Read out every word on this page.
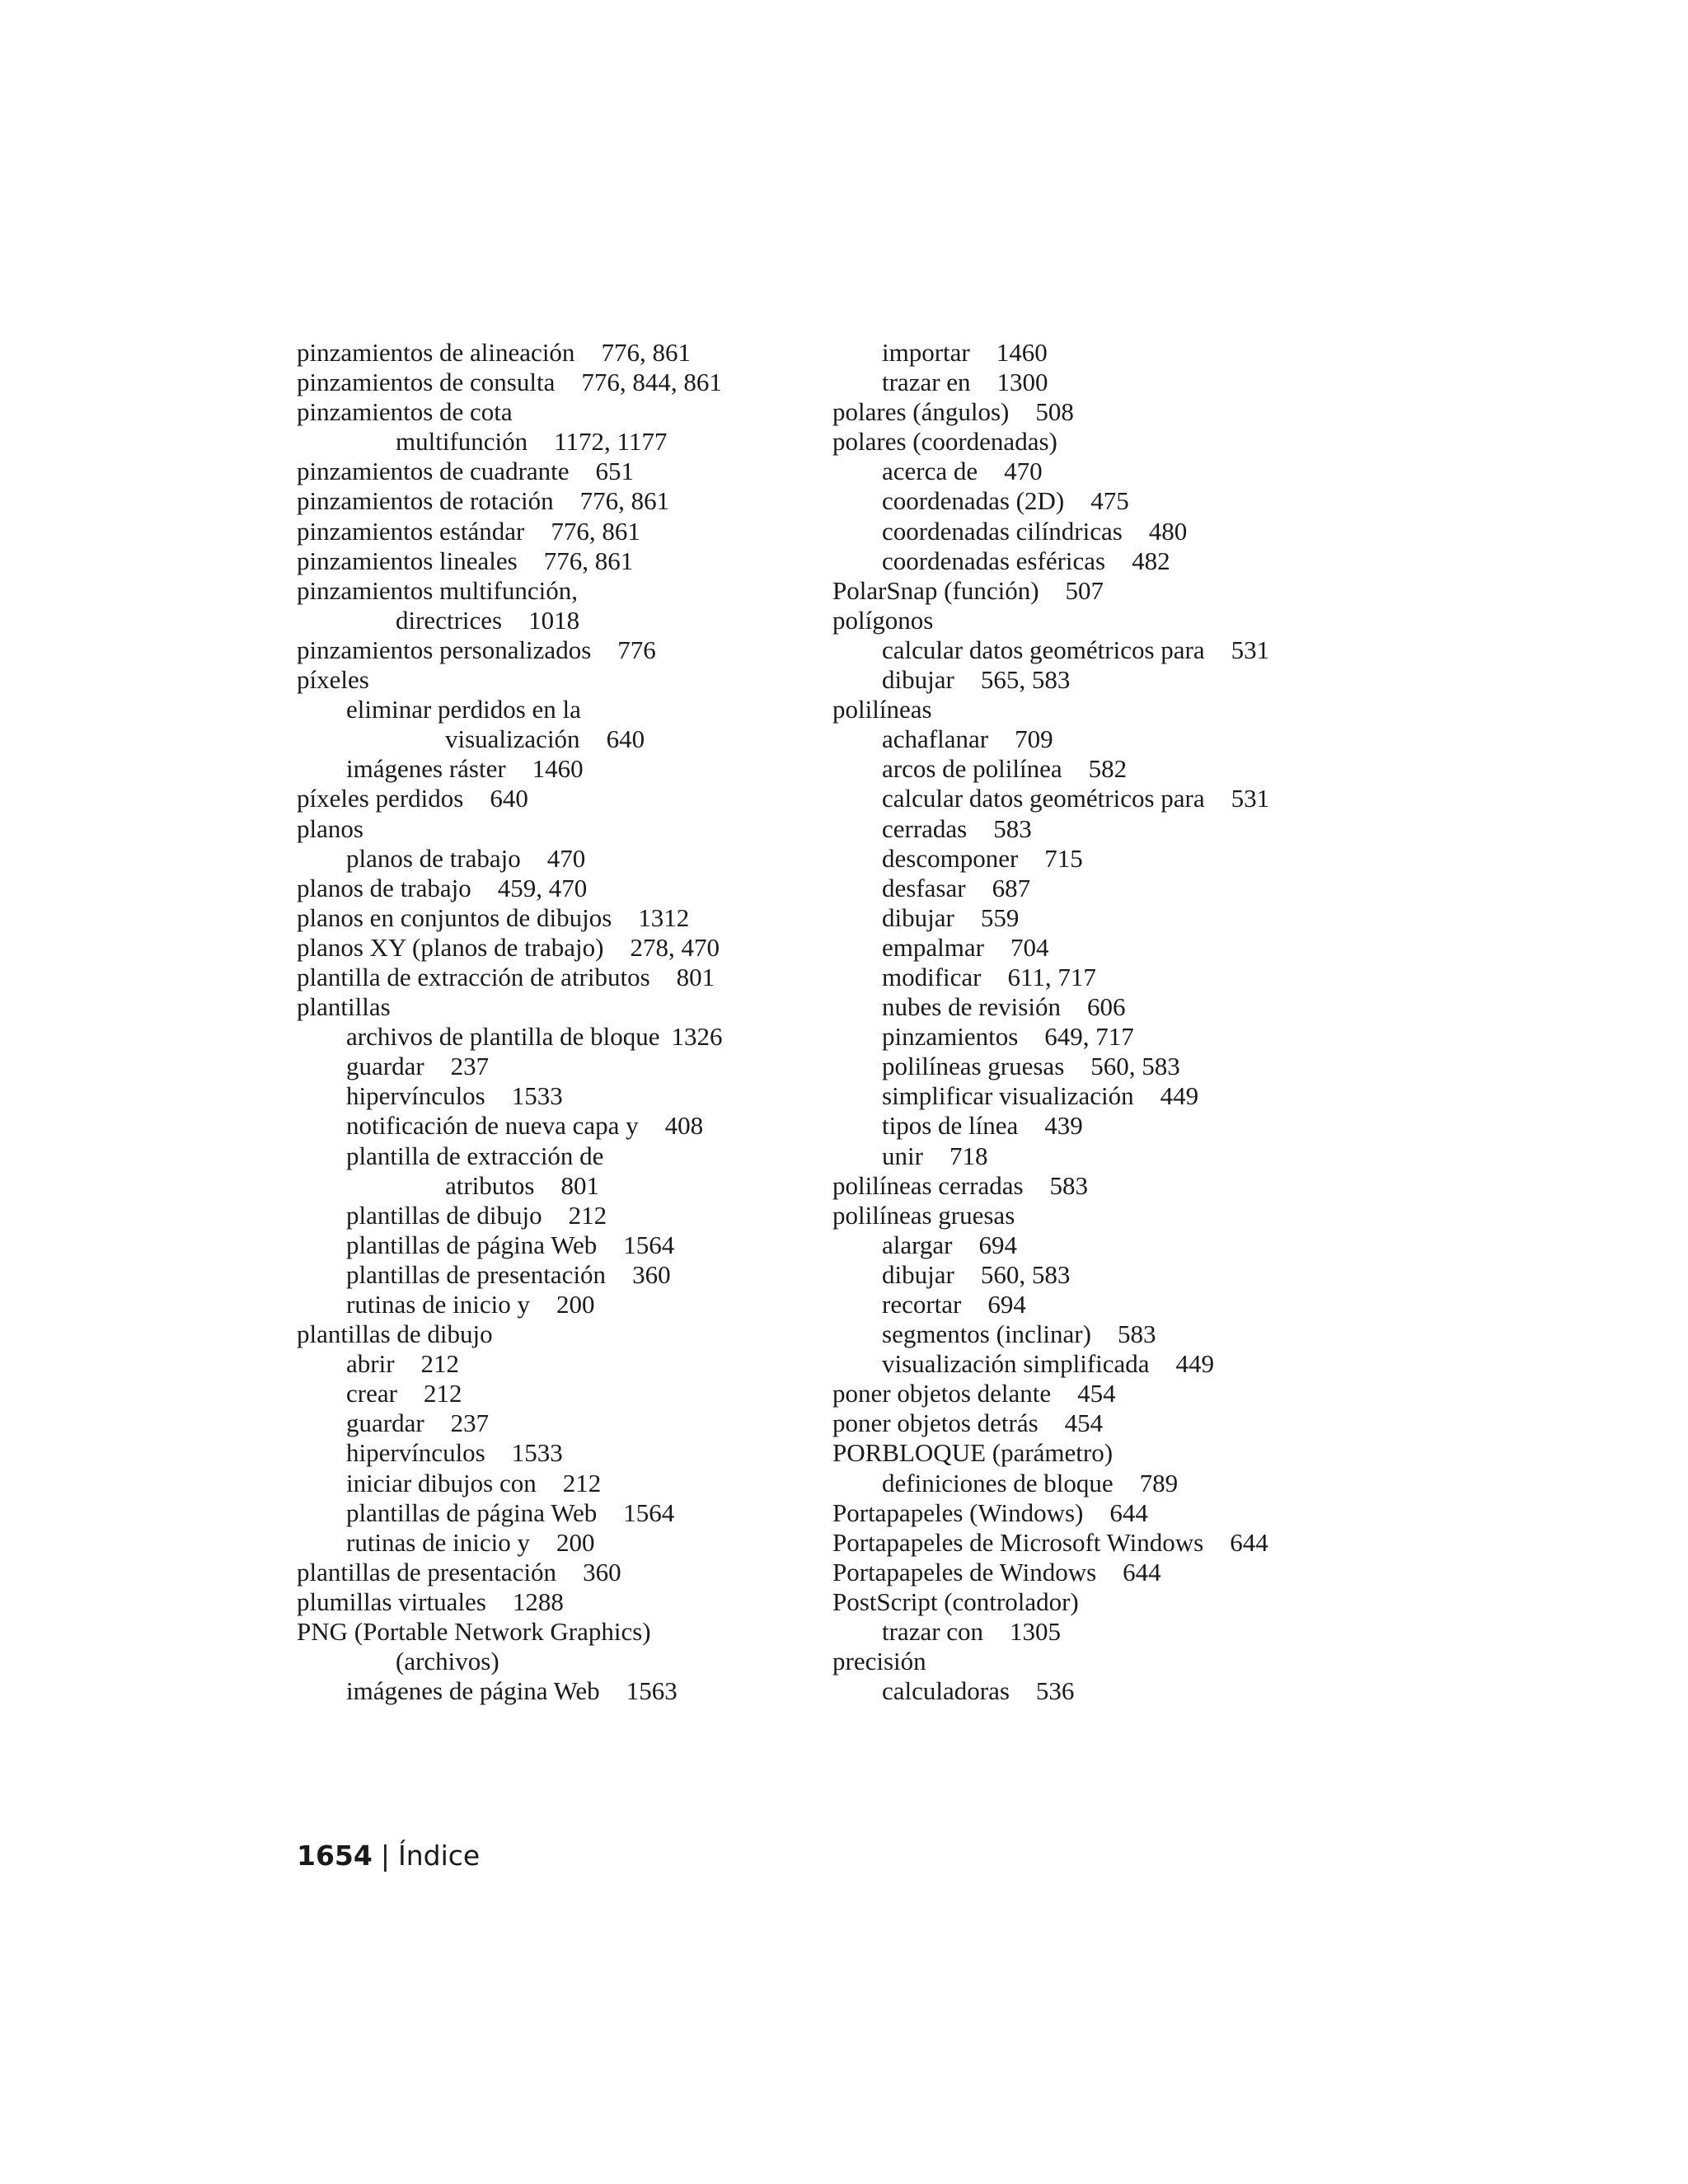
pinzamientos de alineación 776, 861
pinzamientos de consulta 776, 844, 861
pinzamientos de cota
multifunción 1172, 1177
pinzamientos de cuadrante 651
pinzamientos de rotación 776, 861
pinzamientos estándar 776, 861
pinzamientos lineales 776, 861
pinzamientos multifunción,
directrices 1018
pinzamientos personalizados 776
píxeles
eliminar perdidos en la
visualización 640
imágenes ráster 1460
píxeles perdidos 640
planos
planos de trabajo 470
planos de trabajo 459, 470
planos en conjuntos de dibujos 1312
planos XY (planos de trabajo) 278, 470
plantilla de extracción de atributos 801
plantillas
archivos de plantilla de bloque 1326
guardar 237
hipervínculos 1533
notificación de nueva capa y 408
plantilla de extracción de
atributos 801
plantillas de dibujo 212
plantillas de página Web 1564
plantillas de presentación 360
rutinas de inicio y 200
plantillas de dibujo
abrir 212
crear 212
guardar 237
hipervínculos 1533
iniciar dibujos con 212
plantillas de página Web 1564
rutinas de inicio y 200
plantillas de presentación 360
plumillas virtuales 1288
PNG (Portable Network Graphics)
(archivos)
imágenes de página Web 1563
importar 1460
trazar en 1300
polares (ángulos) 508
polares (coordenadas)
acerca de 470
coordenadas (2D) 475
coordenadas cilíndricas 480
coordenadas esféricas 482
PolarSnap (función) 507
polígonos
calcular datos geométricos para 531
dibujar 565, 583
polilíneas
achaflanar 709
arcos de polilínea 582
calcular datos geométricos para 531
cerradas 583
descomponer 715
desfasar 687
dibujar 559
empalmar 704
modificar 611, 717
nubes de revisión 606
pinzamientos 649, 717
polilíneas gruesas 560, 583
simplificar visualización 449
tipos de línea 439
unir 718
polilíneas cerradas 583
polilíneas gruesas
alargar 694
dibujar 560, 583
recortar 694
segmentos (inclinar) 583
visualización simplificada 449
poner objetos delante 454
poner objetos detrás 454
PORBLOQUE (parámetro)
definiciones de bloque 789
Portapapeles (Windows) 644
Portapapeles de Microsoft Windows 644
Portapapeles de Windows 644
PostScript (controlador)
trazar con 1305
precisión
calculadoras 536
1654 | Índice
